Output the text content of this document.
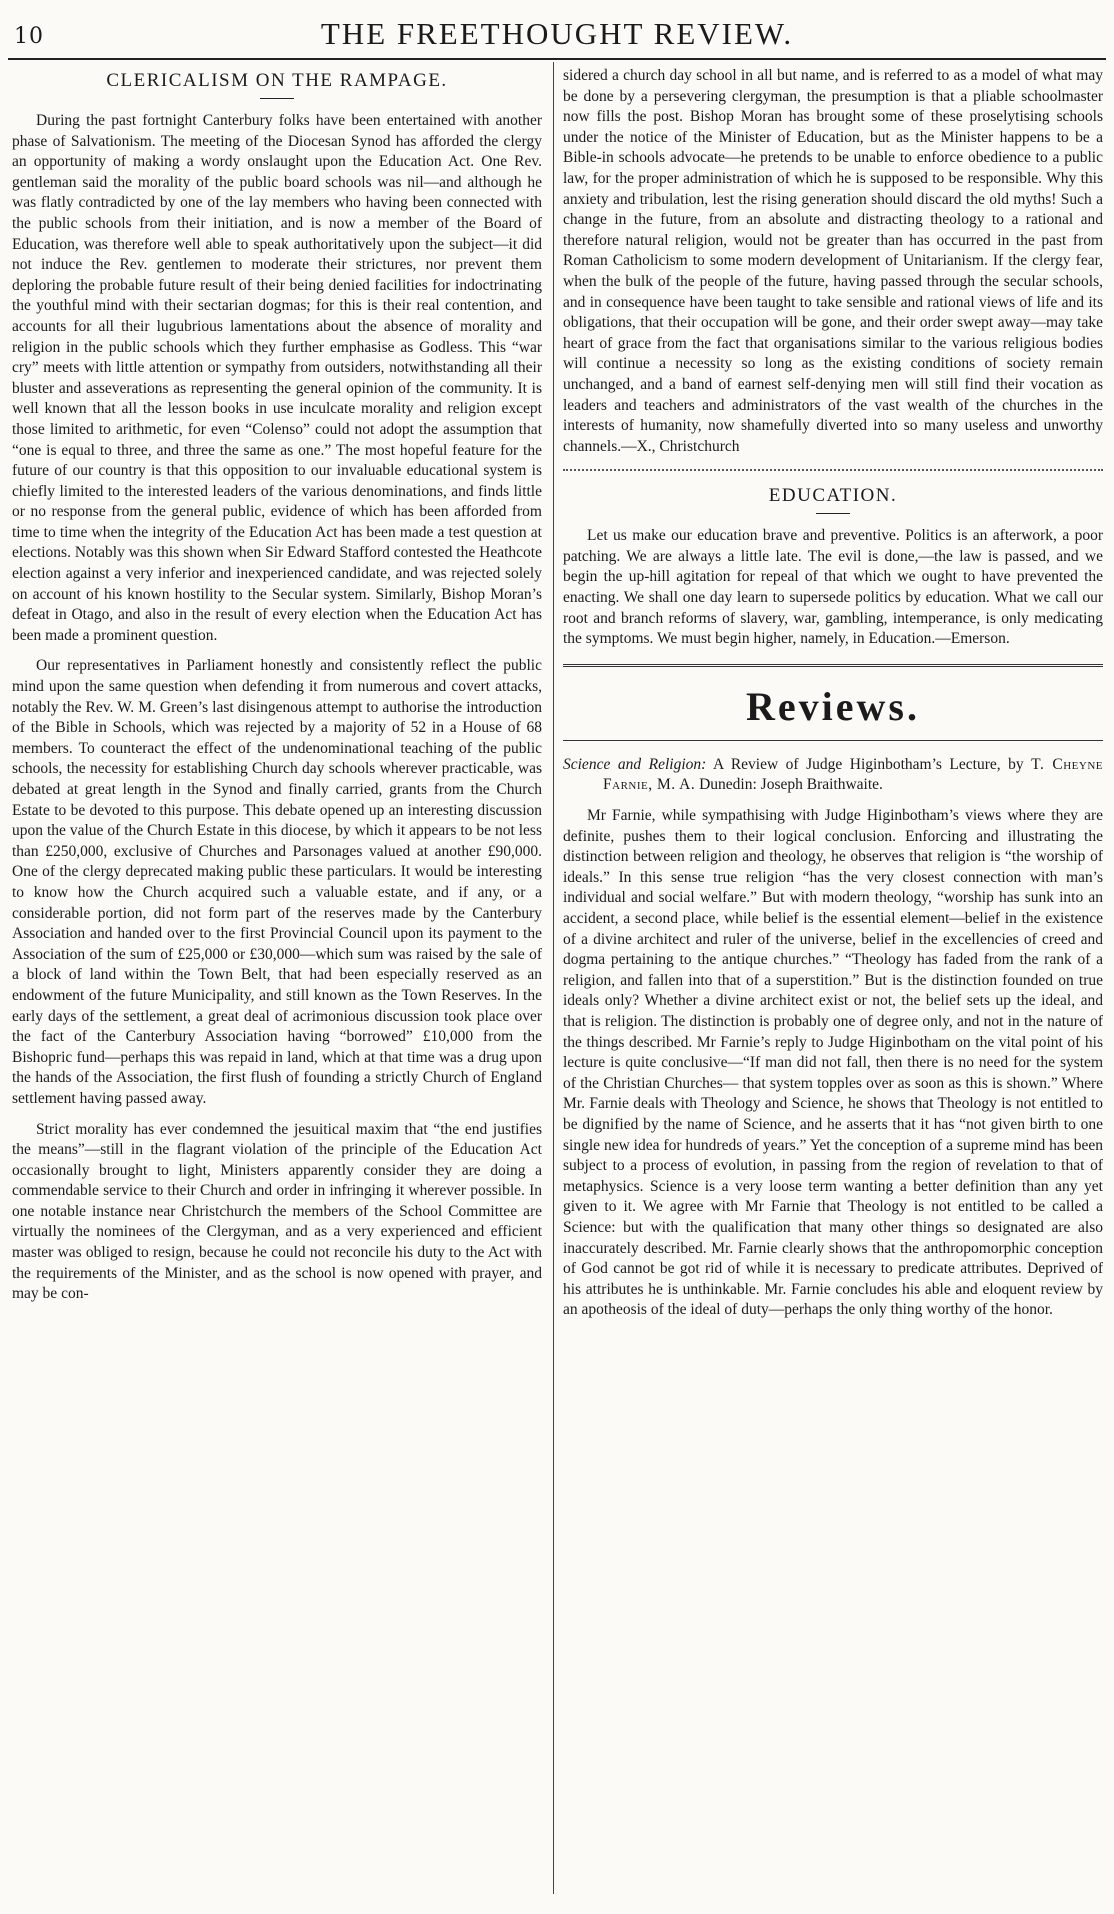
10	THE FREETHOUGHT REVIEW.
CLERICALISM ON THE RAMPAGE.

During the past fortnight Canterbury folks have been entertained with another phase of Salvationism. The meeting of the Diocesan Synod has afforded the clergy an opportunity of making a wordy onslaught upon the Education Act. One Rev. gentleman said the morality of the public board schools was nil—and although he was flatly contradicted by one of the lay members who having been connected with the public schools from their initiation, and is now a member of the Board of Education, was therefore well able to speak authoritatively upon the subject—it did not induce the Rev. gentlemen to moderate their strictures, nor prevent them deploring the probable future result of their being denied facilities for indoctrinating the youthful mind with their sectarian dogmas; for this is their real contention, and accounts for all their lugubrious lamentations about the absence of morality and religion in the public schools which they further emphasise as Godless. This “war cry” meets with little attention or sympathy from outsiders, notwithstanding all their bluster and asseverations as representing the general opinion of the community. It is well known that all the lesson books in use inculcate morality and religion except those limited to arithmetic, for even “Colenso” could not adopt the assumption that “one is equal to three, and three the same as one.” The most hopeful feature for the future of our country is that this opposition to our invaluable educational system is chiefly limited to the interested leaders of the various denominations, and finds little or no response from the general public, evidence of which has been afforded from time to time when the integrity of the Education Act has been made a test question at elections. Notably was this shown when Sir Edward Stafford contested the Heathcote election against a very inferior and inexperienced candidate, and was rejected solely on account of his known hostility to the Secular system. Similarly, Bishop Moran’s defeat in Otago, and also in the result of every election when the Education Act has been made a prominent question.

Our representatives in Parliament honestly and consistently reflect the public mind upon the same question when defending it from numerous and covert attacks, notably the Rev. W. M. Green’s last disingenous attempt to authorise the introduction of the Bible in Schools, which was rejected by a majority of 52 in a House of 68 members. To counteract the effect of the undenominational teaching of the public schools, the necessity for establishing Church day schools wherever practicable, was debated at great length in the Synod and finally carried, grants from the Church Estate to be devoted to this purpose. This debate opened up an interesting discussion upon the value of the Church Estate in this diocese, by which it appears to be not less than £250,000, exclusive of Churches and Parsonages valued at another £90,000. One of the clergy deprecated making public these particulars. It would be interesting to know how the Church acquired such a valuable estate, and if any, or a considerable portion, did not form part of the reserves made by the Canterbury Association and handed over to the first Provincial Council upon its payment to the Association of the sum of £25,000 or £30,000—which sum was raised by the sale of a block of land within the Town Belt, that had been especially reserved as an endowment of the future Municipality, and still known as the Town Reserves. In the early days of the settlement, a great deal of acrimonious discussion took place over the fact of the Canterbury Association having “borrowed” £10,000 from the Bishopric fund—perhaps this was repaid in land, which at that time was a drug upon the hands of the Association, the first flush of founding a strictly Church of England settlement having passed away.

Strict morality has ever condemned the jesuitical maxim that “the end justifies the means”—still in the flagrant violation of the principle of the Education Act occasionally brought to light, Ministers apparently consider they are doing a commendable service to their Church and order in infringing it wherever possible. In one notable instance near Christchurch the members of the School Committee are virtually the nominees of the Clergyman, and as a very experienced and efficient master was obliged to resign, because he could not reconcile his duty to the Act with the requirements of the Minister, and as the school is now opened with prayer, and may be con-

sidered a church day school in all but name, and is referred to as a model of what may be done by a persevering clergyman, the presumption is that a pliable schoolmaster now fills the post. Bishop Moran has brought some of these proselytising schools under the notice of the Minister of Education, but as the Minister happens to be a Bible-in schools advocate—he pretends to be unable to enforce obedience to a public law, for the proper administration of which he is supposed to be responsible. Why this anxiety and tribulation, lest the rising generation should discard the old myths! Such a change in the future, from an absolute and distracting theology to a rational and therefore natural religion, would not be greater than has occurred in the past from Roman Catholicism to some modern development of Unitarianism. If the clergy fear, when the bulk of the people of the future, having passed through the secular schools, and in consequence have been taught to take sensible and rational views of life and its obligations, that their occupation will be gone, and their order swept away—may take heart of grace from the fact that organisations similar to the various religious bodies will continue a necessity so long as the existing conditions of society remain unchanged, and a band of earnest self-denying men will still find their vocation as leaders and teachers and administrators of the vast wealth of the churches in the interests of humanity, now shamefully diverted into so many useless and unworthy channels.—X., Christchurch

EDUCATION.

Let us make our education brave and preventive. Politics is an afterwork, a poor patching. We are always a little late. The evil is done,—the law is passed, and we begin the up-hill agitation for repeal of that which we ought to have prevented the enacting. We shall one day learn to supersede politics by education. What we call our root and branch reforms of slavery, war, gambling, intemperance, is only medicating the symptoms. We must begin higher, namely, in Education.—Emerson.

Reviews.
Science and Religion: A Review of Judge Higinbotham’s Lecture, by T. Cheyne Farnie, M. A. Dunedin: Joseph Braithwaite.

Mr Farnie, while sympathising with Judge Higinbotham’s views where they are definite, pushes them to their logical conclusion. Enforcing and illustrating the distinction between religion and theology, he observes that religion is “the worship of ideals.” In this sense true religion “has the very closest connection with man’s individual and social welfare.” But with modern theology, “worship has sunk into an accident, a second place, while belief is the essential element—belief in the existence of a divine architect and ruler of the universe, belief in the excellencies of creed and dogma pertaining to the antique churches.” “Theology has faded from the rank of a religion, and fallen into that of a superstition.” But is the distinction founded on true ideals only? Whether a divine architect exist or not, the belief sets up the ideal, and that is religion. The distinction is probably one of degree only, and not in the nature of the things described. Mr Farnie’s reply to Judge Higinbotham on the vital point of his lecture is quite conclusive—“If man did not fall, then there is no need for the system of the Christian Churches— that system topples over as soon as this is shown.” Where Mr. Farnie deals with Theology and Science, he shows that Theology is not entitled to be dignified by the name of Science, and he asserts that it has “not given birth to one single new idea for hundreds of years.” Yet the conception of a supreme mind has been subject to a process of evolution, in passing from the region of revelation to that of metaphysics. Science is a very loose term wanting a better definition than any yet given to it. We agree with Mr Farnie that Theology is not entitled to be called a Science: but with the qualification that many other things so designated are also inaccurately described. Mr. Farnie clearly shows that the anthropomorphic conception of God cannot be got rid of while it is necessary to predicate attributes. Deprived of his attributes he is unthinkable. Mr. Farnie concludes his able and eloquent review by an apotheosis of the ideal of duty—perhaps the only thing worthy of the honor.
